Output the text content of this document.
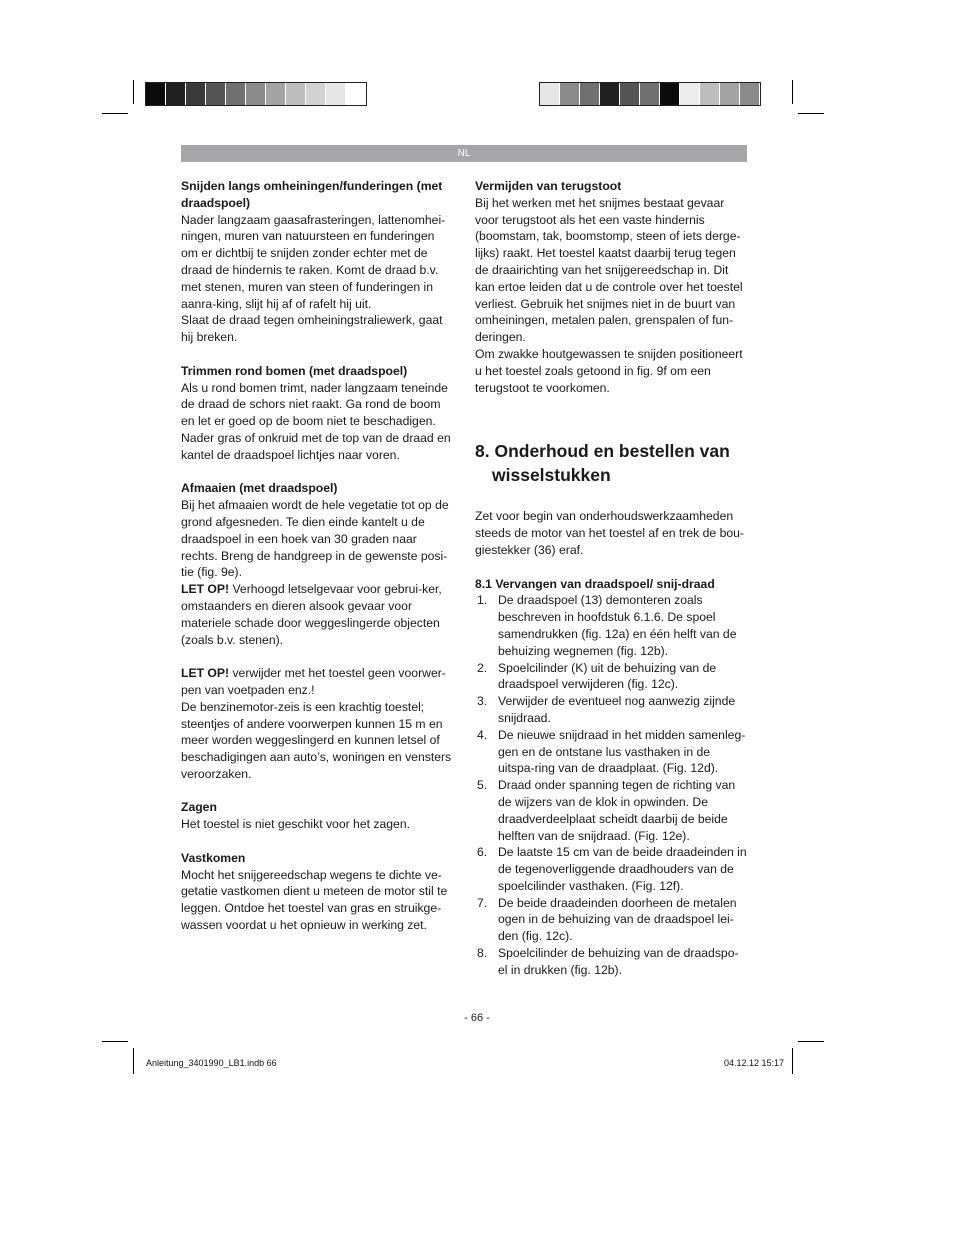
NL
Snijden langs omheiningen/funderingen (met draadspoel)

Nader langzaam gaasafrasteringen, lattenomhei-ningen, muren van natuursteen en funderingen om er dichtbij te snijden zonder echter met de draad de hindernis te raken. Komt de draad b.v. met stenen, muren van steen of funderingen in aanra-king, slijt hij af of rafelt hij uit.

Slaat de draad tegen omheiningstraliewerk, gaat hij breken.

Trimmen rond bomen (met draadspoel)

Als u rond bomen trimt, nader langzaam teneinde de draad de schors niet raakt. Ga rond de boom en let er goed op de boom niet te beschadigen. Nader gras of onkruid met de top van de draad en kantel de draadspoel lichtjes naar voren.

Afmaaien (met draadspoel)

Bij het afmaaien wordt de hele vegetatie tot op de grond afgesneden. Te dien einde kantelt u de draadspoel in een hoek van 30 graden naar rechts. Breng de handgreep in de gewenste posi-tie (fig. 9e).

LET OP! Verhoogd letselgevaar voor gebrui-ker, omstaanders en dieren alsook gevaar voor materiele schade door weggeslingerde objecten (zoals b.v. stenen).

LET OP! verwijder met het toestel geen voorwer-pen van voetpaden enz.!

De benzinemotor-zeis is een krachtig toestel; steentjes of andere voorwerpen kunnen 15 m en meer worden weggeslingerd en kunnen letsel of beschadigingen aan auto’s, woningen en vensters veroorzaken.

Zagen

Het toestel is niet geschikt voor het zagen.

Vastkomen

Mocht het snijgereedschap wegens te dichte ve-getatie vastkomen dient u meteen de motor stil te leggen. Ontdoe het toestel van gras en struikge-wassen voordat u het opnieuw in werking zet.

Vermijden van terugstoot

Bij het werken met het snijmes bestaat gevaar voor terugstoot als het een vaste hindernis (boomstam, tak, boomstomp, steen of iets derge-lijks) raakt. Het toestel kaatst daarbij terug tegen de draairichting van het snijgereedschap in. Dit kan ertoe leiden dat u de controle over het toestel verliest. Gebruik het snijmes niet in de buurt van omheiningen, metalen palen, grenspalen of fun-deringen.

Om zwakke houtgewassen te snijden positioneert u het toestel zoals getoond in fig. 9f om een terugstoot te voorkomen.

8. Onderhoud en bestellen van wisselstukken

Zet voor begin van onderhoudswerkzaamheden steeds de motor van het toestel af en trek de bou-giestekker (36) eraf.

8.1 Vervangen van draadspoel/ snij-draad
1. De draadspoel (13) demonteren zoals beschreven in hoofdstuk 6.1.6. De spoel samendrukken (fig. 12a) en één helft van de behuizing wegnemen (fig. 12b).
2. Spoelcilinder (K) uit de behuizing van de draadspoel verwijderen (fig. 12c).
3. Verwijder de eventueel nog aanwezig zijnde snijdraad.
4. De nieuwe snijdraad in het midden samenleg-gen en de ontstane lus vasthaken in de uitspa-ring van de draadplaat. (Fig. 12d).
5. Draad onder spanning tegen de richting van de wijzers van de klok in opwinden. De draadverdeelplaat scheidt daarbij de beide helften van de snijdraad. (Fig. 12e).
6. De laatste 15 cm van de beide draadeinden in de tegenoverliggende draadhouders van de spoelcilinder vasthaken. (Fig. 12f).
7. De beide draadeinden doorheen de metalen ogen in de behuizing van de draadspoel lei-den (fig. 12c).
8. Spoelcilinder de behuizing van de draadspo-el in drukken (fig. 12b).
- 66 -
Anleitung_3401990_LB1.indb 66	04.12.12 15:17
